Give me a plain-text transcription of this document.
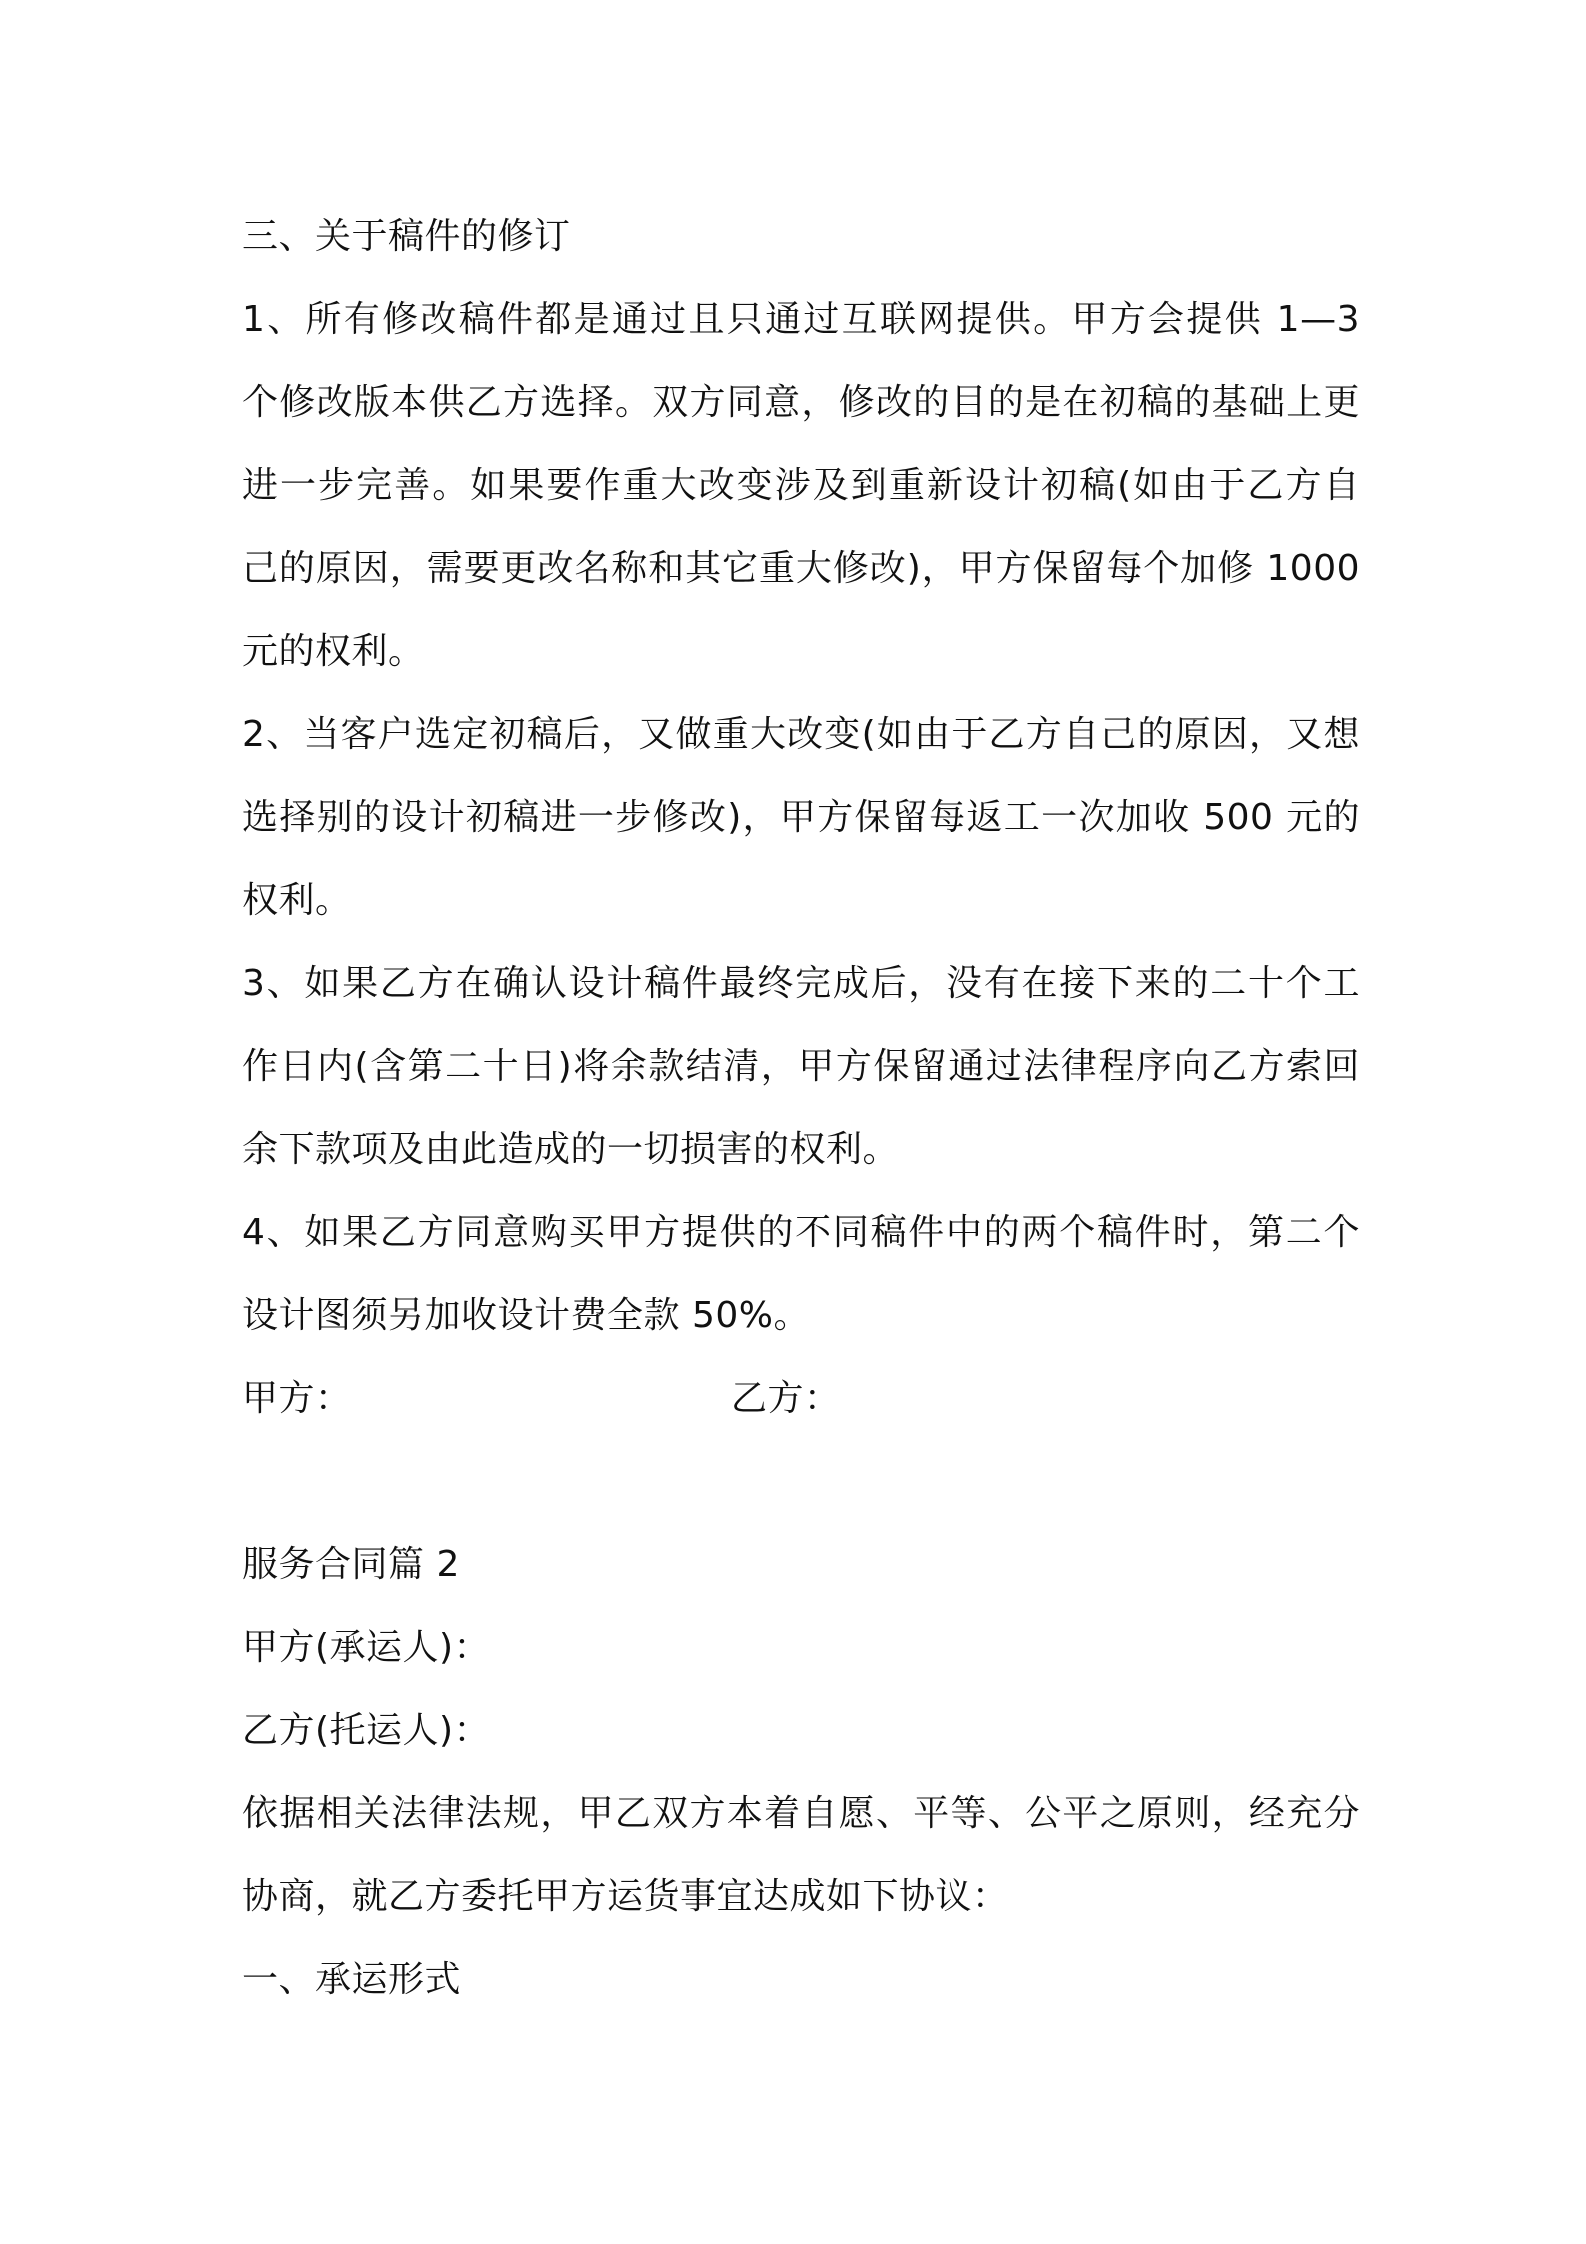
三、关于稿件的修订
1、所有修改稿件都是通过且只通过互联网提供。甲方会提供 1—3
个修改版本供乙方选择。双方同意，修改的目的是在初稿的基础上更
进一步完善。如果要作重大改变涉及到重新设计初稿(如由于乙方自
己的原因，需要更改名称和其它重大修改)，甲方保留每个加修 1000
元的权利。
2、当客户选定初稿后，又做重大改变(如由于乙方自己的原因，又想
选择别的设计初稿进一步修改)，甲方保留每返工一次加收 500 元的
权利。
3、如果乙方在确认设计稿件最终完成后，没有在接下来的二十个工
作日内(含第二十日)将余款结清，甲方保留通过法律程序向乙方索回
余下款项及由此造成的一切损害的权利。
4、如果乙方同意购买甲方提供的不同稿件中的两个稿件时，第二个
设计图须另加收设计费全款 50%。
甲方：	乙方：
服务合同篇 2
甲方(承运人)：
乙方(托运人)：
依据相关法律法规，甲乙双方本着自愿、平等、公平之原则，经充分
协商，就乙方委托甲方运货事宜达成如下协议：
一、承运形式
